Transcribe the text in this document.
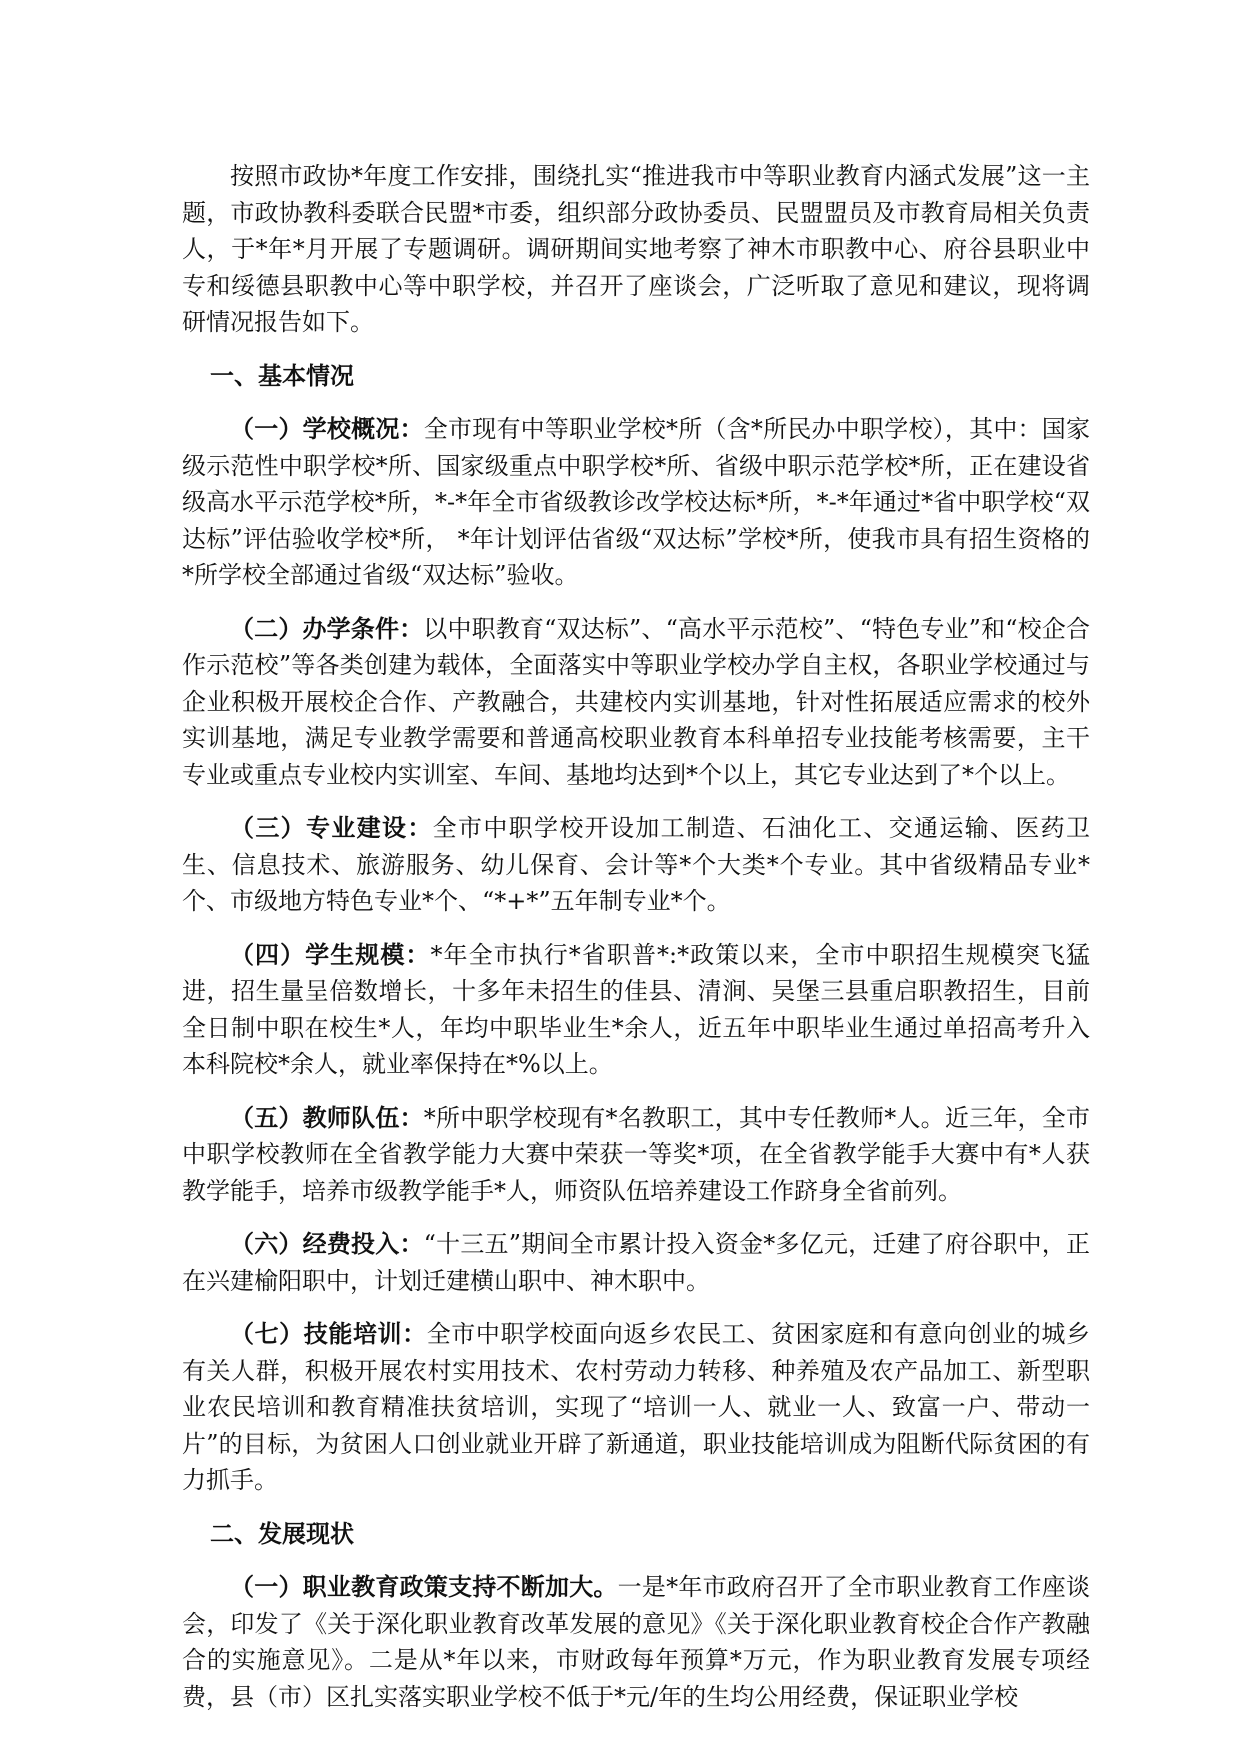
按照市政协*年度工作安排，围绕扎实“推进我市中等职业教育内涵式发展”这一主题，市政协教科委联合民盟*市委，组织部分政协委员、民盟盟员及市教育局相关负责人，于*年*月开展了专题调研。调研期间实地考察了神木市职教中心、府谷县职业中专和绥德县职教中心等中职学校，并召开了座谈会，广泛听取了意见和建议，现将调研情况报告如下。

一、基本情况

（一）学校概况：全市现有中等职业学校*所（含*所民办中职学校），其中：国家级示范性中职学校*所、国家级重点中职学校*所、省级中职示范学校*所，正在建设省级高水平示范学校*所，*-*年全市省级教诊改学校达标*所，*-*年通过*省中职学校“双达标”评估验收学校*所， *年计划评估省级“双达标”学校*所，使我市具有招生资格的*所学校全部通过省级“双达标”验收。

（二）办学条件：以中职教育“双达标”、“高水平示范校”、“特色专业”和“校企合作示范校”等各类创建为载体，全面落实中等职业学校办学自主权，各职业学校通过与企业积极开展校企合作、产教融合，共建校内实训基地，针对性拓展适应需求的校外实训基地，满足专业教学需要和普通高校职业教育本科单招专业技能考核需要，主干专业或重点专业校内实训室、车间、基地均达到*个以上，其它专业达到了*个以上。

（三）专业建设：全市中职学校开设加工制造、石油化工、交通运输、医药卫生、信息技术、旅游服务、幼儿保育、会计等*个大类*个专业。其中省级精品专业*个、市级地方特色专业*个、“*+*”五年制专业*个。

（四）学生规模：*年全市执行*省职普*:*政策以来，全市中职招生规模突飞猛进，招生量呈倍数增长，十多年未招生的佳县、清涧、吴堡三县重启职教招生，目前全日制中职在校生*人，年均中职毕业生*余人，近五年中职毕业生通过单招高考升入本科院校*余人，就业率保持在*%以上。

（五）教师队伍：*所中职学校现有*名教职工，其中专任教师*人。近三年，全市中职学校教师在全省教学能力大赛中荣获一等奖*项，在全省教学能手大赛中有*人获教学能手，培养市级教学能手*人，师资队伍培养建设工作跻身全省前列。

（六）经费投入：“十三五”期间全市累计投入资金*多亿元，迁建了府谷职中，正在兴建榆阳职中，计划迁建横山职中、神木职中。

（七）技能培训：全市中职学校面向返乡农民工、贫困家庭和有意向创业的城乡有关人群，积极开展农村实用技术、农村劳动力转移、种养殖及农产品加工、新型职业农民培训和教育精准扶贫培训，实现了“培训一人、就业一人、致富一户、带动一片”的目标，为贫困人口创业就业开辟了新通道，职业技能培训成为阻断代际贫困的有力抓手。

二、发展现状

（一）职业教育政策支持不断加大。一是*年市政府召开了全市职业教育工作座谈会，印发了《关于深化职业教育改革发展的意见》《关于深化职业教育校企合作产教融合的实施意见》。二是从*年以来，市财政每年预算*万元，作为职业教育发展专项经费，县（市）区扎实落实职业学校不低于*元/年的生均公用经费，保证职业学校
